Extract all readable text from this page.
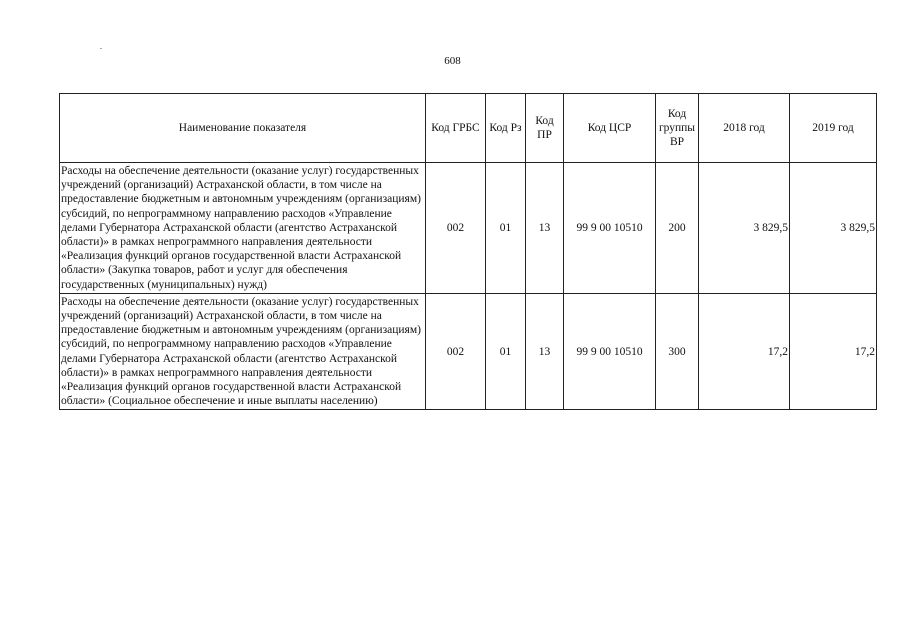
608
Наименование показателя	Код ГРБС	Код Рз	Код ПР	Код ЦСР	Код группы ВР	2018 год	2019 год
Расходы на обеспечение деятельности (оказание услуг) государственных учреждений (организаций) Астраханской области, в том числе на предоставление бюджетным и автономным учреждениям (организациям) субсидий, по непрограммному направлению расходов «Управление делами Губернатора Астраханской области (агентство Астраханской области)» в рамках непрограммного направления деятельности «Реализация функций органов государственной власти Астраханской области» (Закупка товаров, работ и услуг для обеспечения государственных (муниципальных) нужд)	002	01	13	99 9 00 10510	200	3 829,5	3 829,5
Расходы на обеспечение деятельности (оказание услуг) государственных учреждений (организаций) Астраханской области, в том числе на предоставление бюджетным и автономным учреждениям (организациям) субсидий, по непрограммному направлению расходов «Управление делами Губернатора Астраханской области (агентство Астраханской области)» в рамках непрограммного направления деятельности «Реализация функций органов государственной власти Астраханской области» (Социальное обеспечение и иные выплаты населению)	002	01	13	99 9 00 10510	300	17,2	17,2
